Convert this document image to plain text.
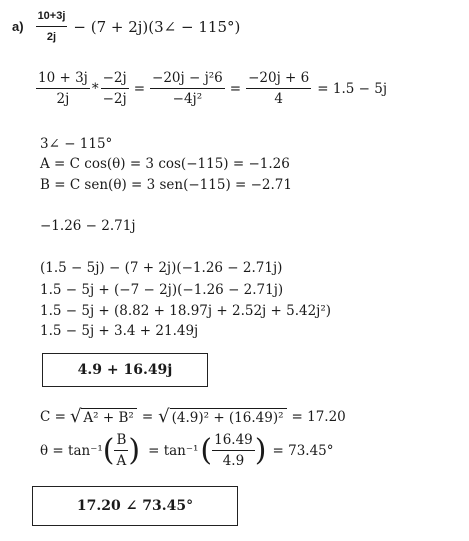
$a) \frac{10+3j}{2j} - (7$ + 2j)(3∠ − 115°)
$\frac{10 + 3j}{2j} * \frac{-2j}{-2j} = \frac{\text{−20j − j²6}}{\text{−4j²}} = \frac{-20j + 6}{4} = 1.5 - 5j$
3∠ − 115°
A = C cos(θ) = 3 cos(−115) = −1.26
B = C sen(θ) = 3 sen(−115) = −2.71
−1.26 − 2.71j
(1.5 − 5j) − (7 + 2j)(−1.26 − 2.71j)
1.5 − 5j + (−7 − 2j)(−1.26 − 2.71j)
1.5 − 5j + (8.82 + 18.97j + 2.52j + 5.42j²)
1.5 − 5j + 3.4 + 21.49j
4.9 + 16.49j
C = √ A² + B² = √ (4.9)² + (16.49)² = 17.20
θ = tan⁻¹ ( $\frac{B}{A}$ ) = tan⁻¹ ( $\frac{16.49}{4.9}$ ) = 73.45°
17.20 ∠ 73.45°
